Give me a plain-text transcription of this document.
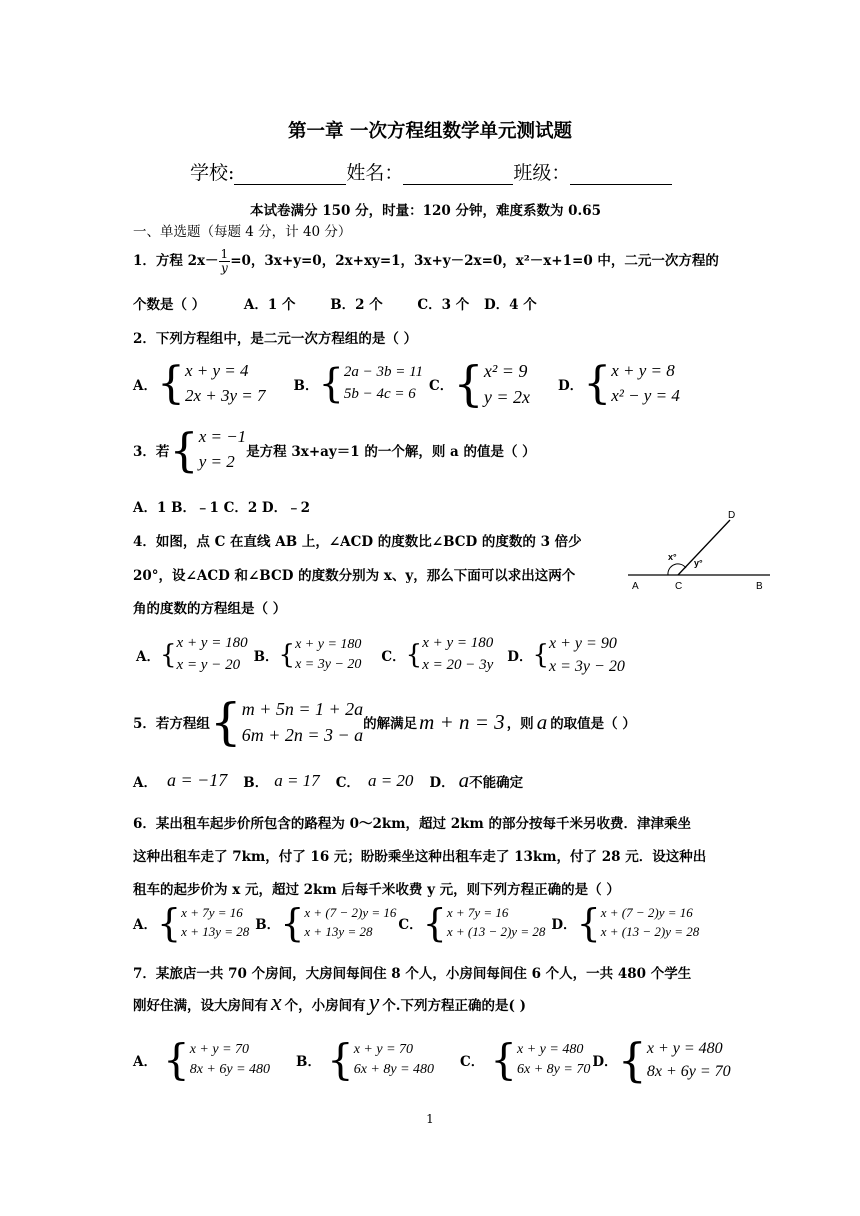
第一章 一次方程组数学单元测试题
学校:	姓名：	班级：
本试卷满分 150 分，时量：120 分钟，难度系数为 0.65
一、单选题（每题 4 分，计 40 分）
1．方程 $2x- \frac{1}{y} =0$，3x+y=0，2x+xy=1，3x+y－2x=0，x²－x+1=0 中，二元一次方程的
个数是（ ）	A．1 个	B．2 个	C．3 个 D．4 个
2．下列方程组中，是二元一次方程组的是（ ）
A． { x + y = 4
2x + 3y = 7 B． { 2a − 3b = 11
5b − 4c = 6 C． { x² = 9
y = 2x
D． { x + y = 8
x² − y = 4
3．若 { x = −1
y = 2 是方程 3x+ay＝1 的一个解，则 a 的值是（ ）
A．1 B．﹣1 C．2 D．﹣2
4．如图，点 C 在直线 AB 上，∠ACD 的度数比∠BCD 的度数的 3 倍少
20°，设∠ACD 和∠BCD 的度数分别为 x、y，那么下面可以求出这两个
角的度数的方程组是（ ）
A	C	B
D
x°
y°
A． { x + y = 180
x = y − 20	B． { x + y = 180
x = 3y − 20 C． { x + y = 180
x = 20 − 3y D． { x + y = 90
x = 3y − 20
5．若方程组 { m + 5n = 1 + 2a
6m + 2n = 3 − a
的解满足 m + n = 3 ，则 a 的取值是（ ）
A． a = −17 B． a = 17 C． a = 20 D． a 不能确定
6．某出租车起步价所包含的路程为 0～2km，超过 2km 的部分按每千米另收费．津津乘坐
这种出租车走了 7km，付了 16 元；盼盼乘坐这种出租车走了 13km，付了 28 元．设这种出
租车的起步价为 x 元，超过 2km 后每千米收费 y 元，则下列方程正确的是（ ）
A． { x + 7y = 16
x + 13y = 28 B． { x + (7 − 2)y = 16
x + 13y = 28	C． { x + 7y = 16
x + (13 − 2)y = 28 D． { x + (7 − 2)y = 16
x + (13 − 2)y = 28
7．某旅店一共 70 个房间，大房间每间住 8 个人，小房间每间住 6 个人，一共 480 个学生
刚好住满，设大房间有 x 个，小房间有 y 个.下列方程正确的是( )
A． { x + y = 70
8x + 6y = 480 B． { x + y = 70
6x + 8y = 480 C． { x + y = 480
6x + 8y = 70 D． { x + y = 480
8x + 6y = 70
1
